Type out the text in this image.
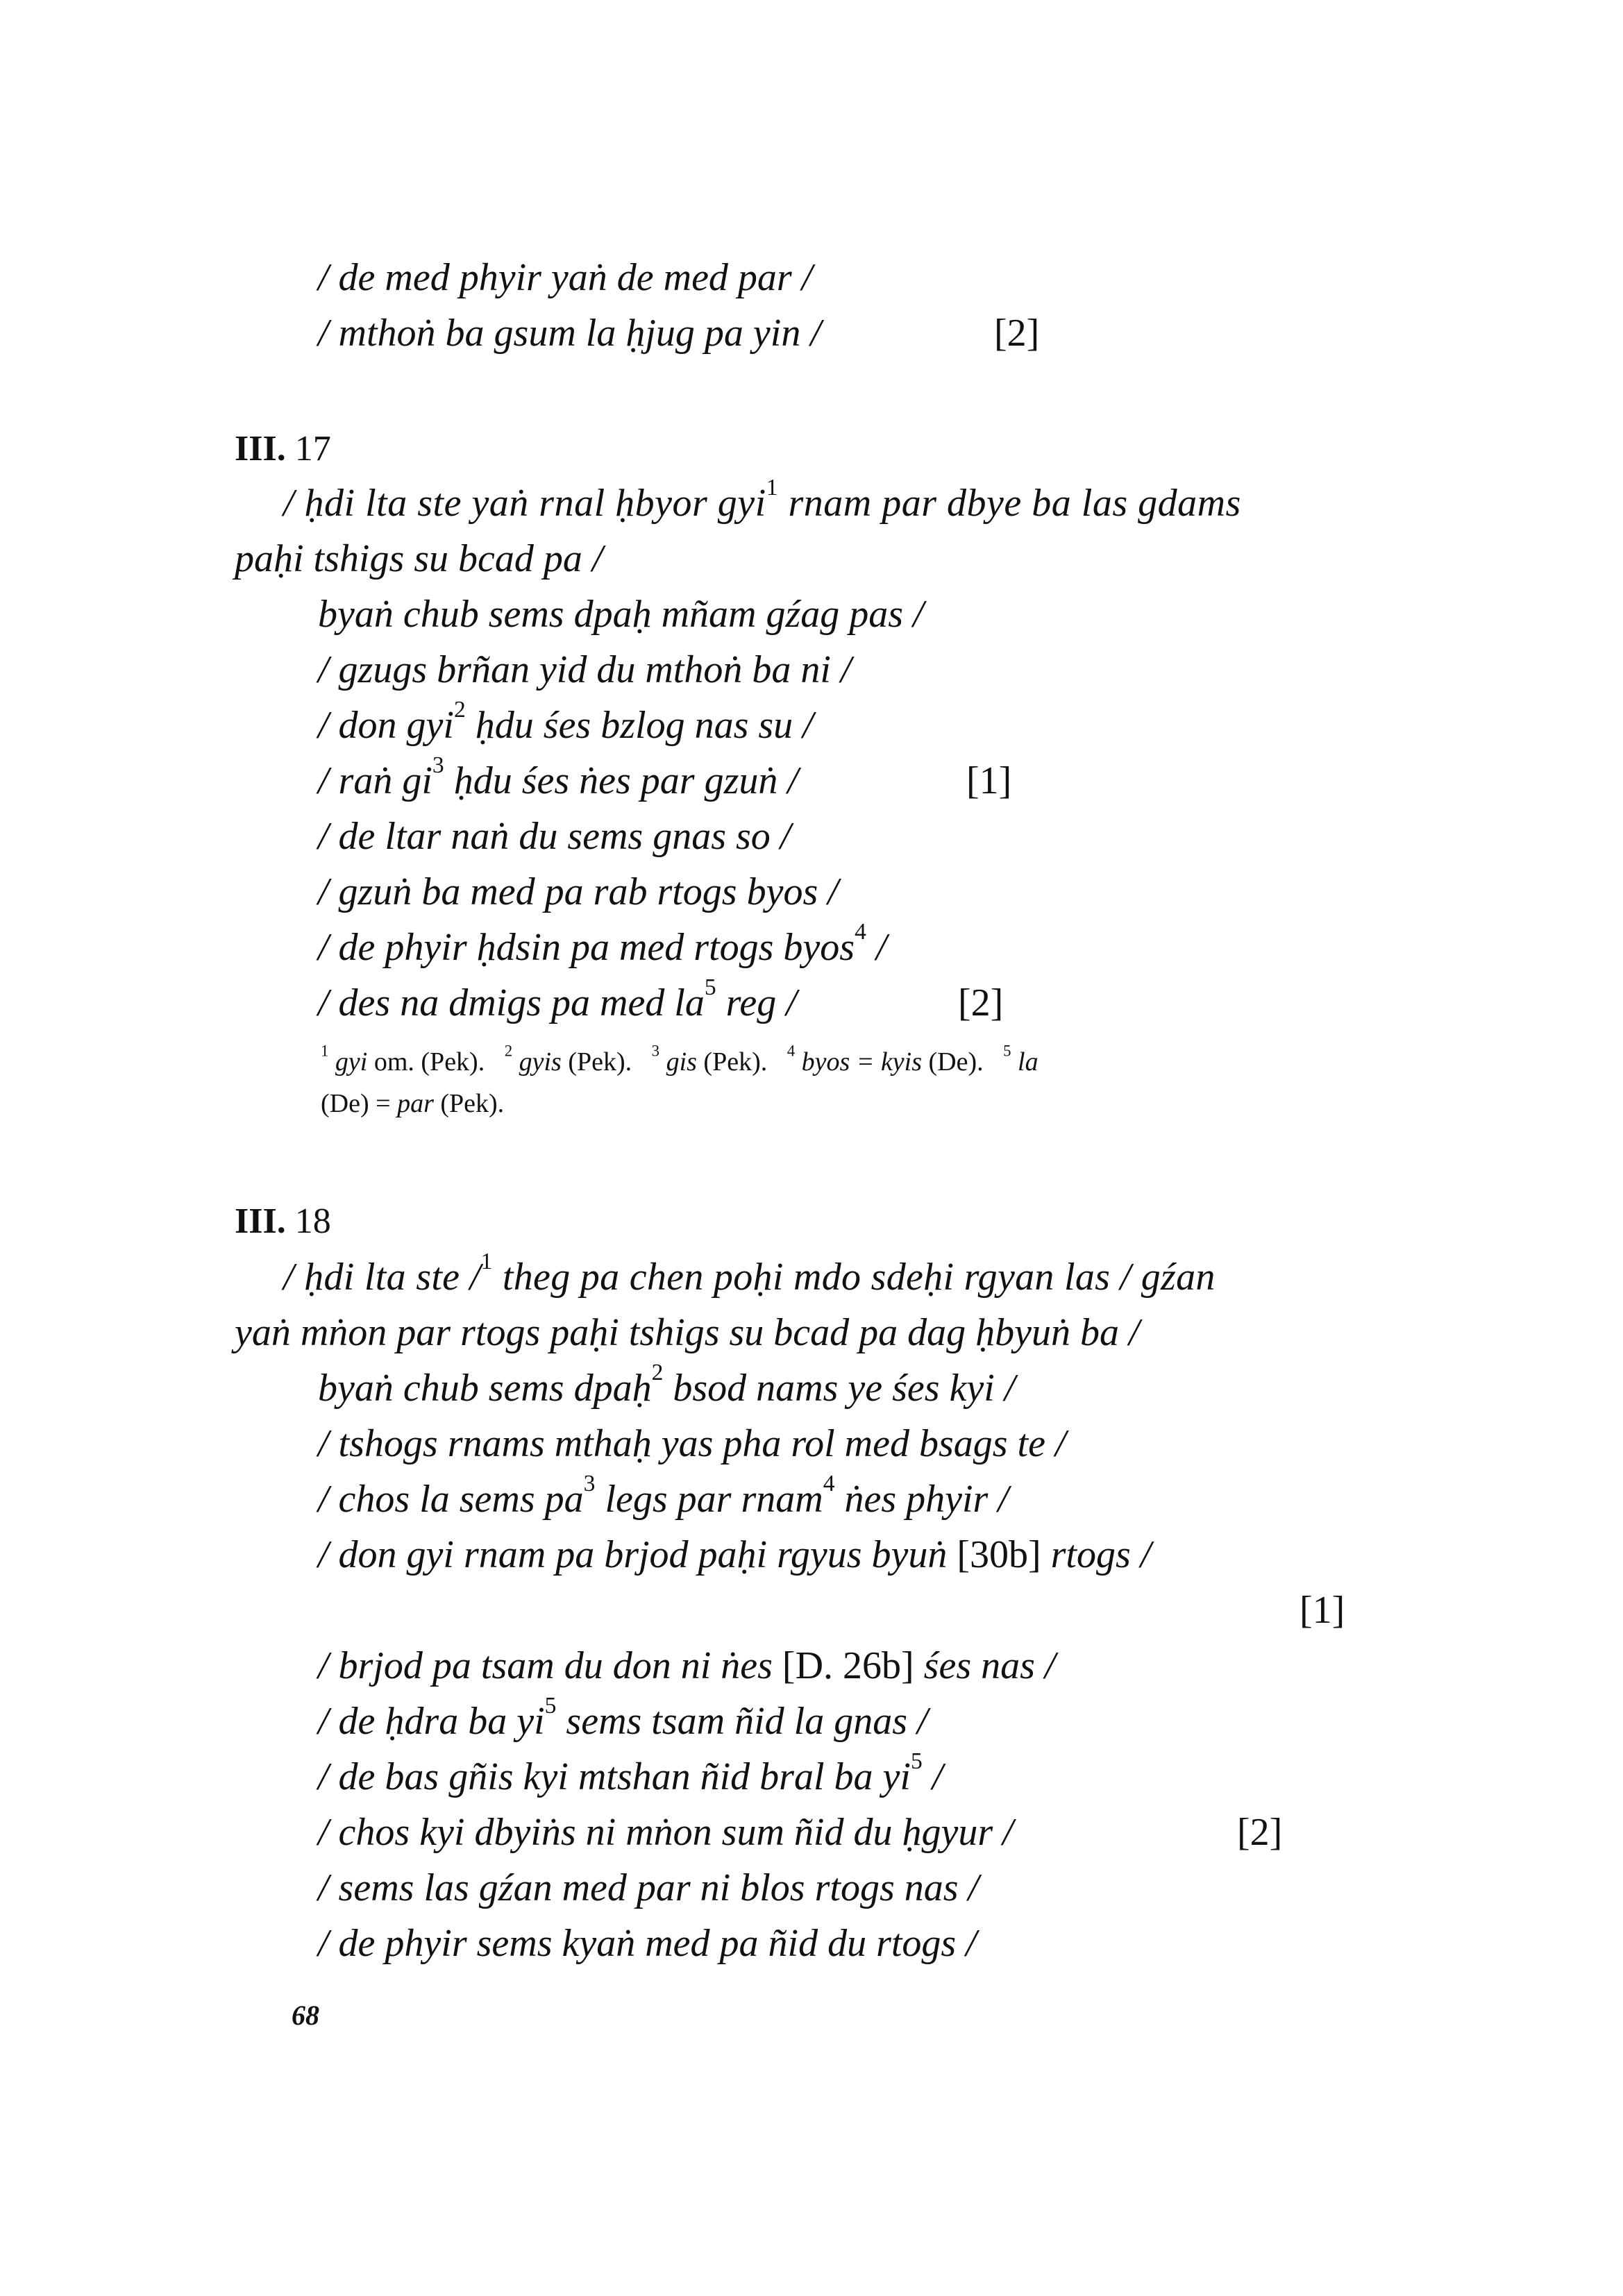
/ de med phyir yaṅ de med par /
/ mthoṅ ba gsum la ḥjug pa yin /	[2]
III. 17
/ ḥdi lta ste yaṅ rnal ḥbyor gyi$^1$ rnam par dbye ba las gdams
paḥi tshigs su bcad pa /
byaṅ chub sems dpaḥ mñam gźag pas /
/ gzugs brñan yid du mthoṅ ba ni /
/ don gyi$^2$ ḥdu śes bzlog nas su /
/ raṅ $gi^3$ ḥdu śes ṅes par gzuṅ /	[1]
/ de ltar naṅ du sems gnas so /
/ gzuṅ ba med pa rab rtogs byos /
/ de phyir ḥdsin pa med rtogs byos$^4$ /
/ des na dmigs pa med $la^5$ reg /	[2]
$^1$ gyi om. (Pek). $^2$ gyis (Pek). $^3$ gis (Pek). $^4$ byos = kyis (De). $^5$ la
(De) = par (Pek).
III. 18
/ ḥdi lta ste /$^1$ theg pa chen poḥi mdo sdeḥi rgyan las / gźan
yaṅ mṅon par rtogs paḥi tshigs su bcad pa dag ḥbyuṅ ba /
byaṅ chub sems dpaḥ$^2$ bsod nams ye śes kyi /
/ tshogs rnams mthaḥ yas pha rol med bsags te /
/ chos la sems $pa^3$ legs par rnam$^4$ ṅes phyir /
/ don gyi rnam pa brjod paḥi rgyus byuṅ [30b] rtogs /
[1]
/ brjod pa tsam du don ni ṅes [D. 26b] śes nas /
/ de ḥdra ba $yi^5$ sems tsam ñid la gnas /
/ de bas gñis kyi mtshan ñid bral ba $yi^5$ /
/ chos kyi dbyiṅs ni mṅon sum ñid du ḥgyur /	[2]
/ sems las gźan med par ni blos rtogs nas /
/ de phyir sems kyaṅ med pa ñid du rtogs /
68
